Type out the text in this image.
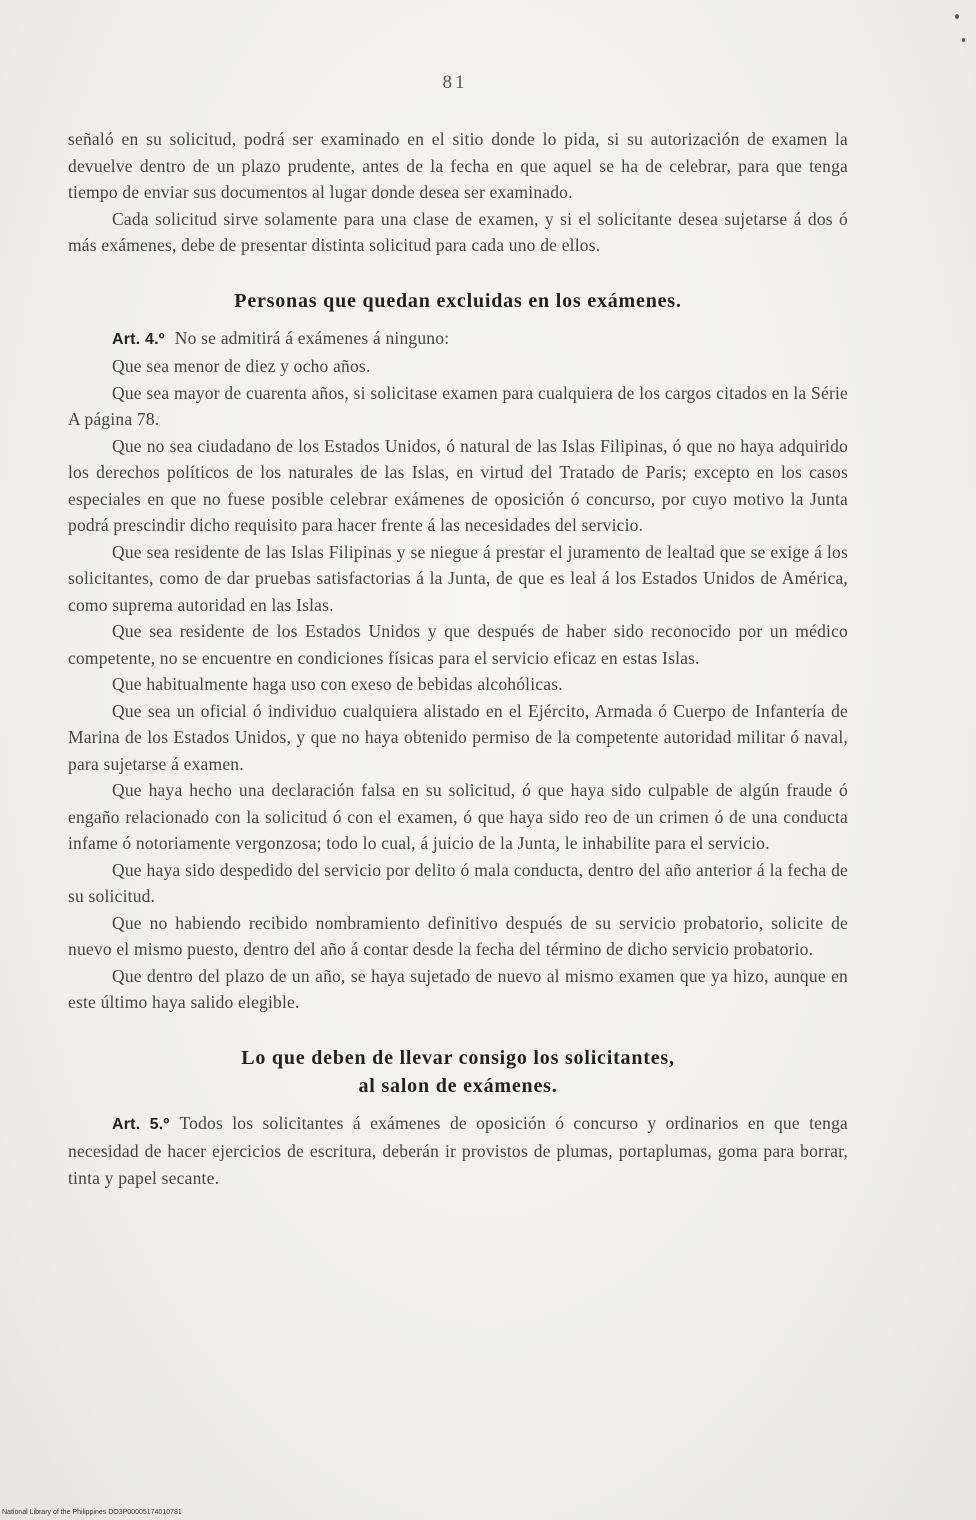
81

señaló en su solicitud, podrá ser examinado en el sitio donde lo pida, si su autorización de examen la devuelve dentro de un plazo prudente, antes de la fecha en que aquel se ha de celebrar, para que tenga tiempo de enviar sus documentos al lugar donde desea ser examinado.

Cada solicitud sirve solamente para una clase de examen, y si el solicitante desea sujetarse á dos ó más exámenes, debe de presentar distinta solicitud para cada uno de ellos.

Personas que quedan excluidas en los exámenes.

Art. 4.º No se admitirá á exámenes á ninguno:

Que sea menor de diez y ocho años.

Que sea mayor de cuarenta años, si solicitase examen para cualquiera de los cargos citados en la Série A página 78.

Que no sea ciudadano de los Estados Unidos, ó natural de las Islas Filipinas, ó que no haya adquirido los derechos políticos de los naturales de las Islas, en virtud del Tratado de Paris; excepto en los casos especiales en que no fuese posible celebrar exámenes de oposición ó concurso, por cuyo motivo la Junta podrá prescindir dicho requisito para hacer frente á las necesidades del servicio.

Que sea residente de las Islas Filipinas y se niegue á prestar el juramento de lealtad que se exige á los solicitantes, como de dar pruebas satisfactorias á la Junta, de que es leal á los Estados Unidos de América, como suprema autoridad en las Islas.

Que sea residente de los Estados Unidos y que después de haber sido reconocido por un médico competente, no se encuentre en condiciones físicas para el servicio eficaz en estas Islas.

Que habitualmente haga uso con exeso de bebidas alcohólicas.

Que sea un oficial ó individuo cualquiera alistado en el Ejército, Armada ó Cuerpo de Infantería de Marina de los Estados Unidos, y que no haya obtenido permiso de la competente autoridad militar ó naval, para sujetarse á examen.

Que haya hecho una declaración falsa en su solicitud, ó que haya sido culpable de algún fraude ó engaño relacionado con la solicitud ó con el examen, ó que haya sido reo de un crimen ó de una conducta infame ó notoriamente vergonzosa; todo lo cual, á juicio de la Junta, le inhabilite para el servicio.

Que haya sido despedido del servicio por delito ó mala conducta, dentro del año anterior á la fecha de su solicitud.

Que no habiendo recibido nombramiento definitivo después de su servicio probatorio, solicite de nuevo el mismo puesto, dentro del año á contar desde la fecha del término de dicho servicio probatorio.

Que dentro del plazo de un año, se haya sujetado de nuevo al mismo examen que ya hizo, aunque en este último haya salido elegible.

Lo que deben de llevar consigo los solicitantes,
al salon de exámenes.

Art. 5.º Todos los solicitantes á exámenes de oposición ó concurso y ordinarios en que tenga necesidad de hacer ejercicios de escritura, deberán ir provistos de plumas, portaplumas, goma para borrar, tinta y papel secante.

National Library of the Philippines DO3P00005174010781
